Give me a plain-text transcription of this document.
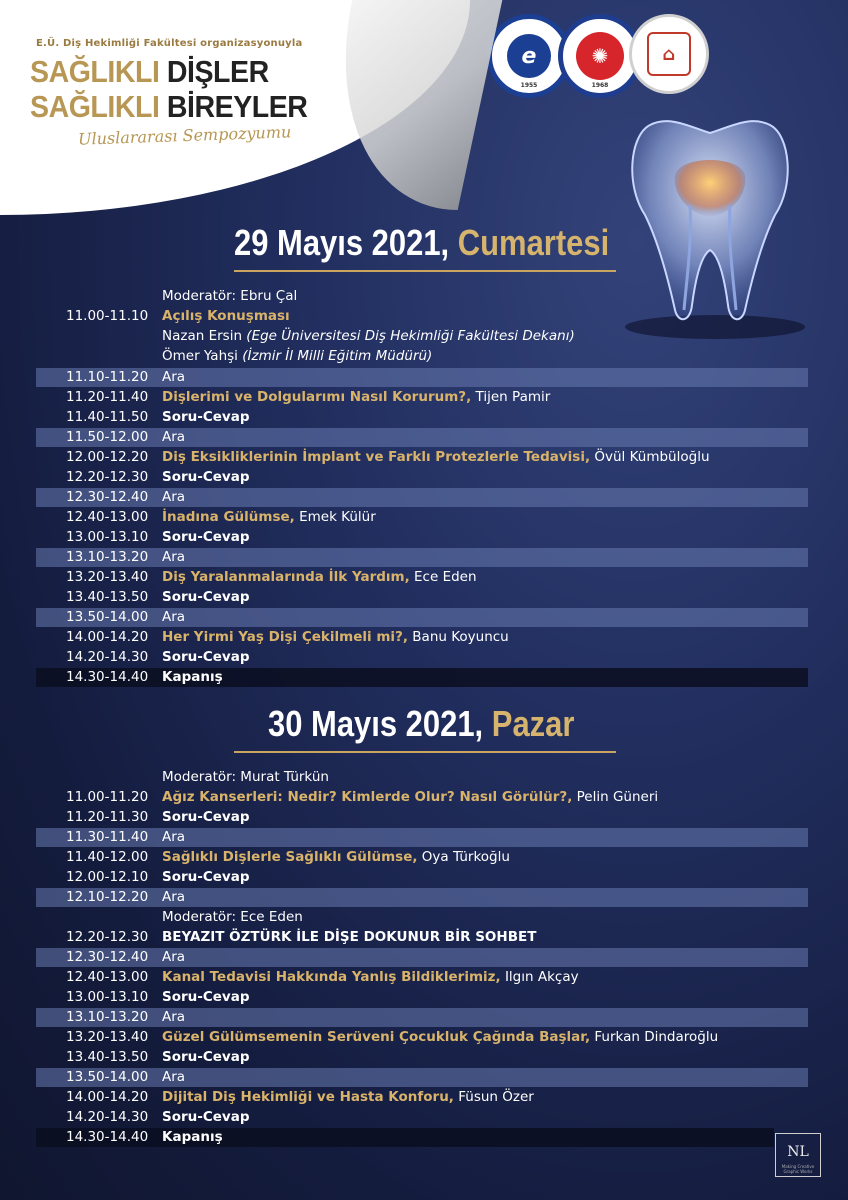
E.Ü. Diş Hekimliği Fakültesi organizasyonuyla
SAĞLIKLI DİŞLER
SAĞLIKLI BİREYLER
Uluslararası Sempozyumu
e
1955
✺
1968
⌂
29 Mayıs 2021, Cumartesi
Moderatör: Ebru Çal
11.00-11.10	Açılış Konuşması
Nazan Ersin (Ege Üniversitesi Diş Hekimliği Fakültesi Dekanı)
Ömer Yahşi (İzmir İl Milli Eğitim Müdürü)
11.10-11.20	Ara
11.20-11.40	Dişlerimi ve Dolgularımı Nasıl Korurum?, Tijen Pamir
11.40-11.50	Soru-Cevap
11.50-12.00	Ara
12.00-12.20	Diş Eksikliklerinin İmplant ve Farklı Protezlerle Tedavisi, Övül Kümbüloğlu
12.20-12.30	Soru-Cevap
12.30-12.40	Ara
12.40-13.00	İnadına Gülümse, Emek Külür
13.00-13.10	Soru-Cevap
13.10-13.20	Ara
13.20-13.40	Diş Yaralanmalarında İlk Yardım, Ece Eden
13.40-13.50	Soru-Cevap
13.50-14.00	Ara
14.00-14.20	Her Yirmi Yaş Dişi Çekilmeli mi?, Banu Koyuncu
14.20-14.30	Soru-Cevap
14.30-14.40	Kapanış
30 Mayıs 2021, Pazar
Moderatör: Murat Türkün
11.00-11.20	Ağız Kanserleri: Nedir? Kimlerde Olur? Nasıl Görülür?, Pelin Güneri
11.20-11.30	Soru-Cevap
11.30-11.40	Ara
11.40-12.00	Sağlıklı Dişlerle Sağlıklı Gülümse, Oya Türkoğlu
12.00-12.10	Soru-Cevap
12.10-12.20	Ara
Moderatör: Ece Eden
12.20-12.30	BEYAZIT ÖZTÜRK İLE DİŞE DOKUNUR BİR SOHBET
12.30-12.40	Ara
12.40-13.00	Kanal Tedavisi Hakkında Yanlış Bildiklerimiz, Ilgın Akçay
13.00-13.10	Soru-Cevap
13.10-13.20	Ara
13.20-13.40	Güzel Gülümsemenin Serüveni Çocukluk Çağında Başlar, Furkan Dindaroğlu
13.40-13.50	Soru-Cevap
13.50-14.00	Ara
14.00-14.20	Dijital Diş Hekimliği ve Hasta Konforu, Füsun Özer
14.20-14.30	Soru-Cevap
14.30-14.40	Kapanış
NL
Making Creative Graphic Works
